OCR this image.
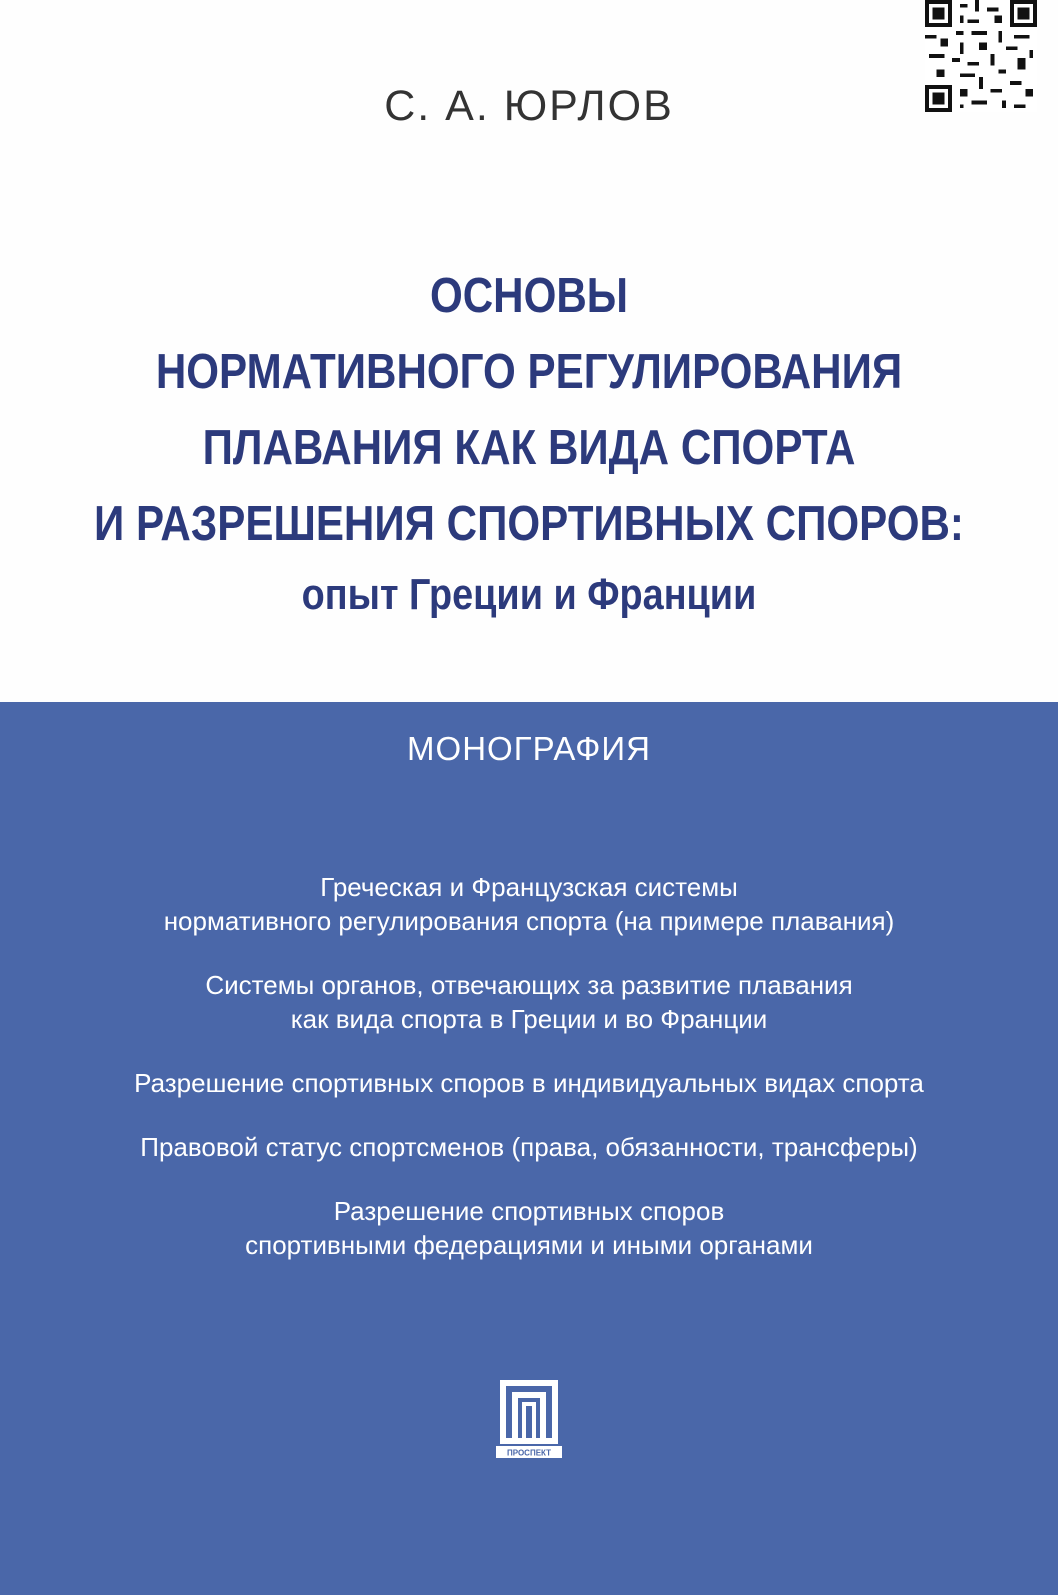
С. А. ЮРЛОВ
ОСНОВЫ
НОРМАТИВНОГО РЕГУЛИРОВАНИЯ
ПЛАВАНИЯ КАК ВИДА СПОРТА
И РАЗРЕШЕНИЯ СПОРТИВНЫХ СПОРОВ:
опыт Греции и Франции
МОНОГРАФИЯ
Греческая и Французская системы
нормативного регулирования спорта (на примере плавания)
Системы органов, отвечающих за развитие плавания
как вида спорта в Греции и во Франции
Разрешение спортивных споров в индивидуальных видах спорта
Правовой статус спортсменов (права, обязанности, трансферы)
Разрешение спортивных споров
спортивными федерациями и иными органами
ПРОСПЕКТ
